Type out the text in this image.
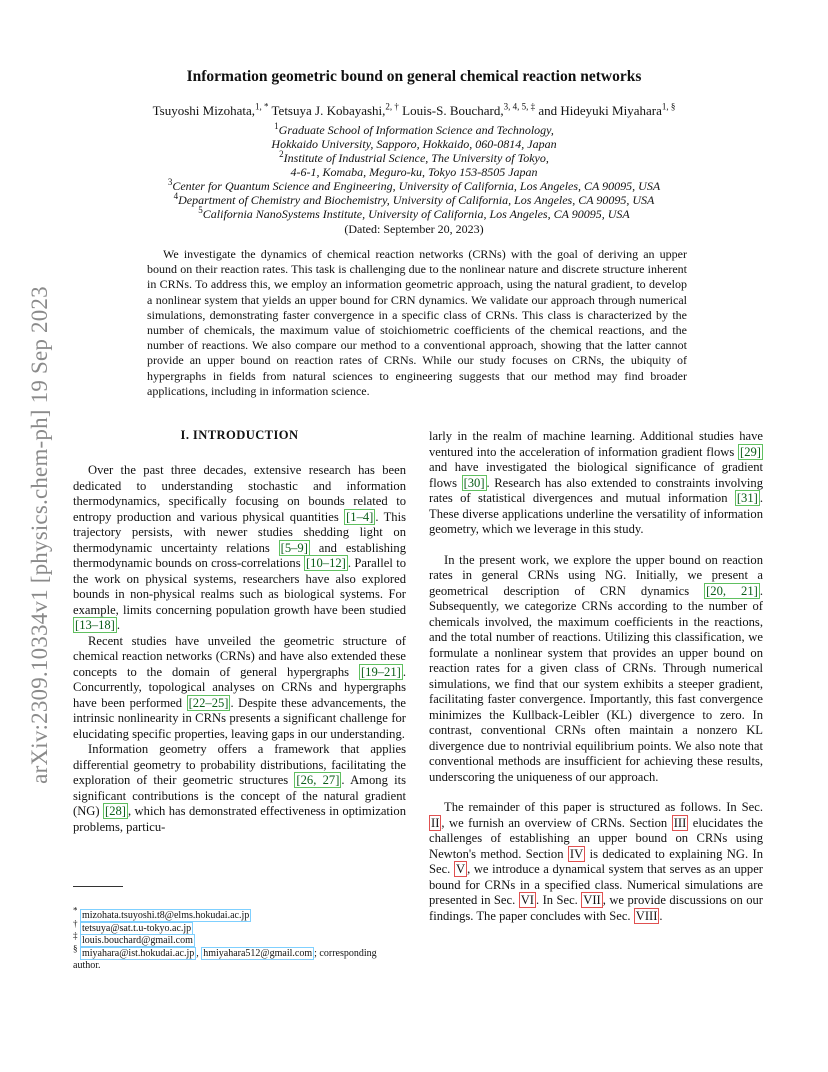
arXiv:2309.10334v1 [physics.chem-ph] 19 Sep 2023
Information geometric bound on general chemical reaction networks
Tsuyoshi Mizohata,$^{1, *}$ Tetsuya J. Kobayashi,$^{2, \dagger}$ Louis-S. Bouchard,$^{3, 4, 5, \ddagger}$ and Hideyuki Miyahara$^{1, \S}$
$^1$Graduate School of Information Science and Technology,
Hokkaido University, Sapporo, Hokkaido, 060-0814, Japan
$^2$Institute of Industrial Science, The University of Tokyo,
4-6-1, Komaba, Meguro-ku, Tokyo 153-8505 Japan
$^3$Center for Quantum Science and Engineering, University of California, Los Angeles, CA 90095, USA
$^4$Department of Chemistry and Biochemistry, University of California, Los Angeles, CA 90095, USA
$^5$California NanoSystems Institute, University of California, Los Angeles, CA 90095, USA
(Dated: September 20, 2023)

We investigate the dynamics of chemical reaction networks (CRNs) with the goal of deriving an upper bound on their reaction rates. This task is challenging due to the nonlinear nature and discrete structure inherent in CRNs. To address this, we employ an information geometric approach, using the natural gradient, to develop a nonlinear system that yields an upper bound for CRN dynamics. We validate our approach through numerical simulations, demonstrating faster convergence in a specific class of CRNs. This class is characterized by the number of chemicals, the maximum value of stoichiometric coefficients of the chemical reactions, and the number of reactions. We also compare our method to a conventional approach, showing that the latter cannot provide an upper bound on reaction rates of CRNs. While our study focuses on CRNs, the ubiquity of hypergraphs in fields from natural sciences to engineering suggests that our method may find broader applications, including in information science.

I. INTRODUCTION

Over the past three decades, extensive research has been dedicated to understanding stochastic and information thermodynamics, specifically focusing on bounds related to entropy production and various physical quantities [1–4] . This trajectory persists, with newer studies shedding light on thermodynamic uncertainty relations [5–9] and establishing thermodynamic bounds on cross-correlations [10–12] . Parallel to the work on physical systems, researchers have also explored bounds in non-physical realms such as biological systems. For example, limits concerning population growth have been studied [13–18] .

Recent studies have unveiled the geometric structure of chemical reaction networks (CRNs) and have also extended these concepts to the domain of general hypergraphs [19–21] . Concurrently, topological analyses on CRNs and hypergraphs have been performed [22–25] . Despite these advancements, the intrinsic nonlinearity in CRNs presents a significant challenge for elucidating specific properties, leaving gaps in our understanding.

Information geometry offers a framework that applies differential geometry to probability distributions, facilitating the exploration of their geometric structures [26, 27] . Among its significant contributions is the concept of the natural gradient (NG) [28] , which has demonstrated effectiveness in optimization problems, particu-

* mizohata.tsuyoshi.t8@elms.hokudai.ac.jp
† tetsuya@sat.t.u-tokyo.ac.jp
‡ louis.bouchard@gmail.com
§ miyahara@ist.hokudai.ac.jp , hmiyahara512@gmail.com ; corresponding author.

larly in the realm of machine learning. Additional studies have ventured into the acceleration of information gradient flows [29] and have investigated the biological significance of gradient flows [30] . Research has also extended to constraints involving rates of statistical divergences and mutual information [31] . These diverse applications underline the versatility of information geometry, which we leverage in this study.

In the present work, we explore the upper bound on reaction rates in general CRNs using NG. Initially, we present a geometrical description of CRN dynamics [20, 21] . Subsequently, we categorize CRNs according to the number of chemicals involved, the maximum coefficients in the reactions, and the total number of reactions. Utilizing this classification, we formulate a nonlinear system that provides an upper bound on reaction rates for a given class of CRNs. Through numerical simulations, we find that our system exhibits a steeper gradient, facilitating faster convergence. Importantly, this fast convergence minimizes the Kullback-Leibler (KL) divergence to zero. In contrast, conventional CRNs often maintain a nonzero KL divergence due to nontrivial equilibrium points. We also note that conventional methods are insufficient for achieving these results, underscoring the uniqueness of our approach.

The remainder of this paper is structured as follows. In Sec. II , we furnish an overview of CRNs. Section III elucidates the challenges of establishing an upper bound on CRNs using Newton's method. Section IV is dedicated to explaining NG. In Sec. V , we introduce a dynamical system that serves as an upper bound for CRNs in a specified class. Numerical simulations are presented in Sec. VI . In Sec. VII , we provide discussions on our findings. The paper concludes with Sec. VIII .
